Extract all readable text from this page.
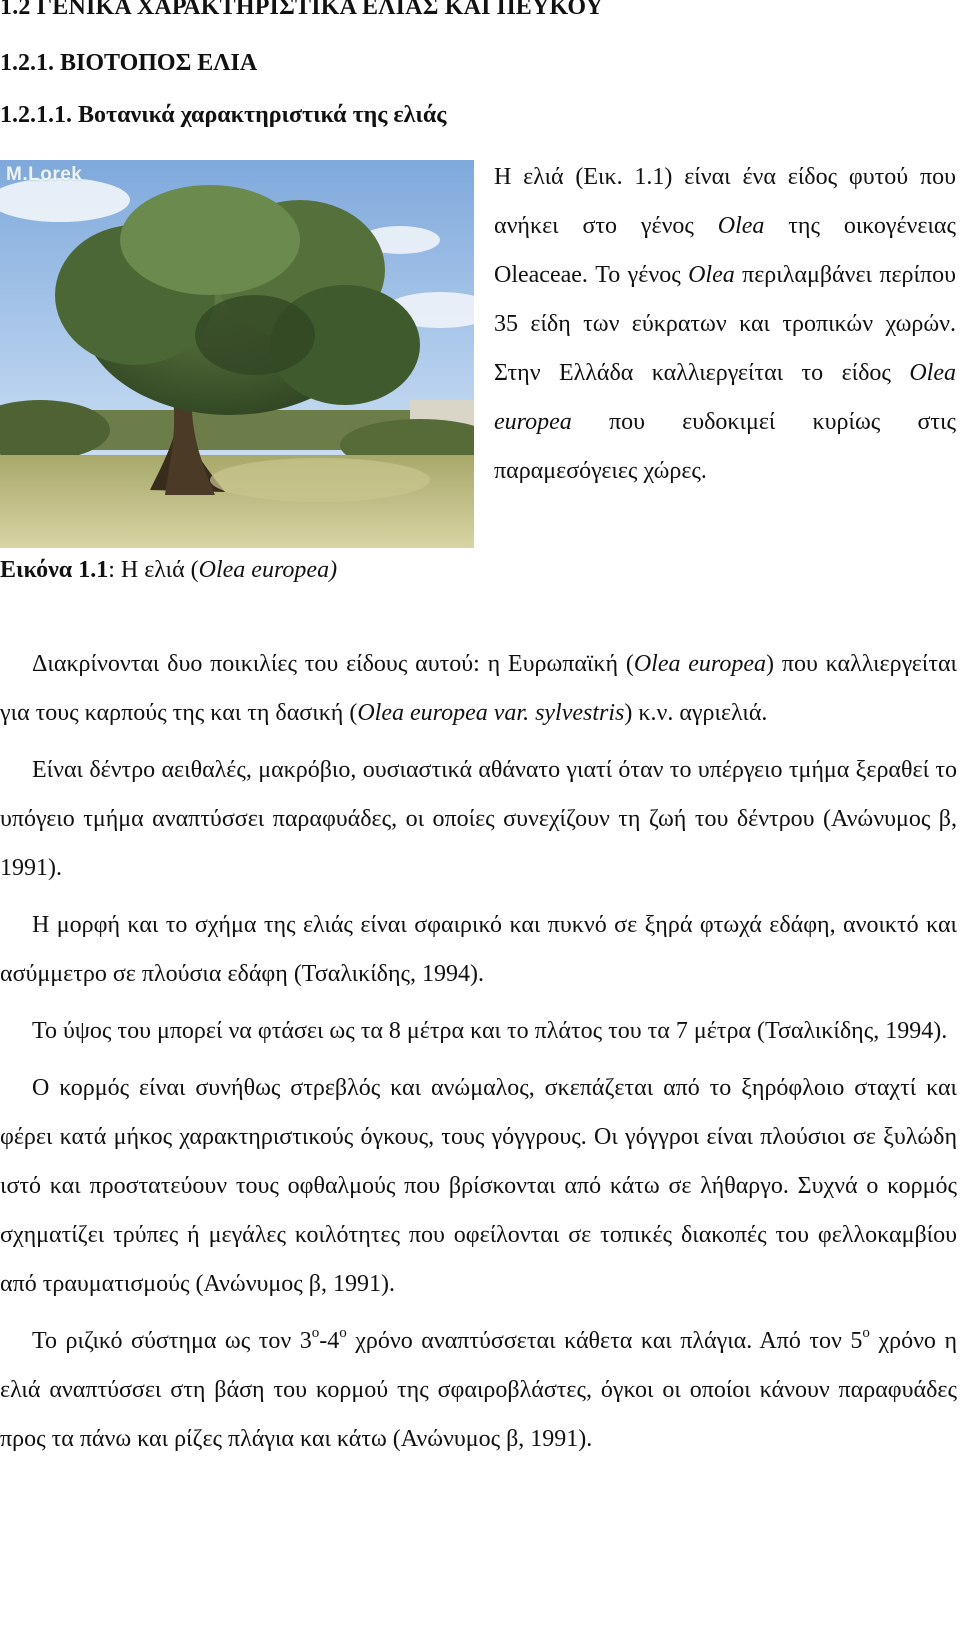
1.2 ΓΕΝΙΚΑ ΧΑΡΑΚΤΗΡΙΣΤΙΚΑ ΕΛΙΑΣ ΚΑΙ ΠΕΥΚΟΥ
1.2.1. ΒΙΟΤΟΠΟΣ ΕΛΙΑ
1.2.1.1. Βοτανικά χαρακτηριστικά της ελιάς
M.Lorek
Εικόνα 1.1: Η ελιά (Olea europea)
Η ελιά (Εικ. 1.1) είναι ένα είδος φυτού που ανήκει στο γένος Olea της οικογένειας Oleaceae. Το γένος Olea περιλαμβάνει περίπου 35 είδη των εύκρατων και τροπικών χωρών. Στην Ελλάδα καλλιεργείται το είδος Olea europea που ευδοκιμεί κυρίως στις παραμεσόγειες χώρες.

Διακρίνονται δυο ποικιλίες του είδους αυτού: η Ευρωπαϊκή (Olea europea) που καλλιεργείται για τους καρπούς της και τη δασική (Olea europea var. sylvestris) κ.ν. αγριελιά.

Είναι δέντρο αειθαλές, μακρόβιο, ουσιαστικά αθάνατο γιατί όταν το υπέργειο τμήμα ξεραθεί το υπόγειο τμήμα αναπτύσσει παραφυάδες, οι οποίες συνεχίζουν τη ζωή του δέντρου (Ανώνυμος β, 1991).

Η μορφή και το σχήμα της ελιάς είναι σφαιρικό και πυκνό σε ξηρά φτωχά εδάφη, ανοικτό και ασύμμετρο σε πλούσια εδάφη (Τσαλικίδης, 1994).

Το ύψος του μπορεί να φτάσει ως τα 8 μέτρα και το πλάτος του τα 7 μέτρα (Τσαλικίδης, 1994).

Ο κορμός είναι συνήθως στρεβλός και ανώμαλος, σκεπάζεται από το ξηρόφλοιο σταχτί και φέρει κατά μήκος χαρακτηριστικούς όγκους, τους γόγγρους. Οι γόγγροι είναι πλούσιοι σε ξυλώδη ιστό και προστατεύουν τους οφθαλμούς που βρίσκονται από κάτω σε λήθαργο. Συχνά ο κορμός σχηματίζει τρύπες ή μεγάλες κοιλότητες που οφείλονται σε τοπικές διακοπές του φελλοκαμβίου από τραυματισμούς (Ανώνυμος β, 1991).

Το ριζικό σύστημα ως τον $3^o-4^o$ χρόνο αναπτύσσεται κάθετα και πλάγια. Από τον $5^o$ χρόνο η ελιά αναπτύσσει στη βάση του κορμού της σφαιροβλάστες, όγκοι οι οποίοι κάνουν παραφυάδες προς τα πάνω και ρίζες πλάγια και κάτω (Ανώνυμος β, 1991).
